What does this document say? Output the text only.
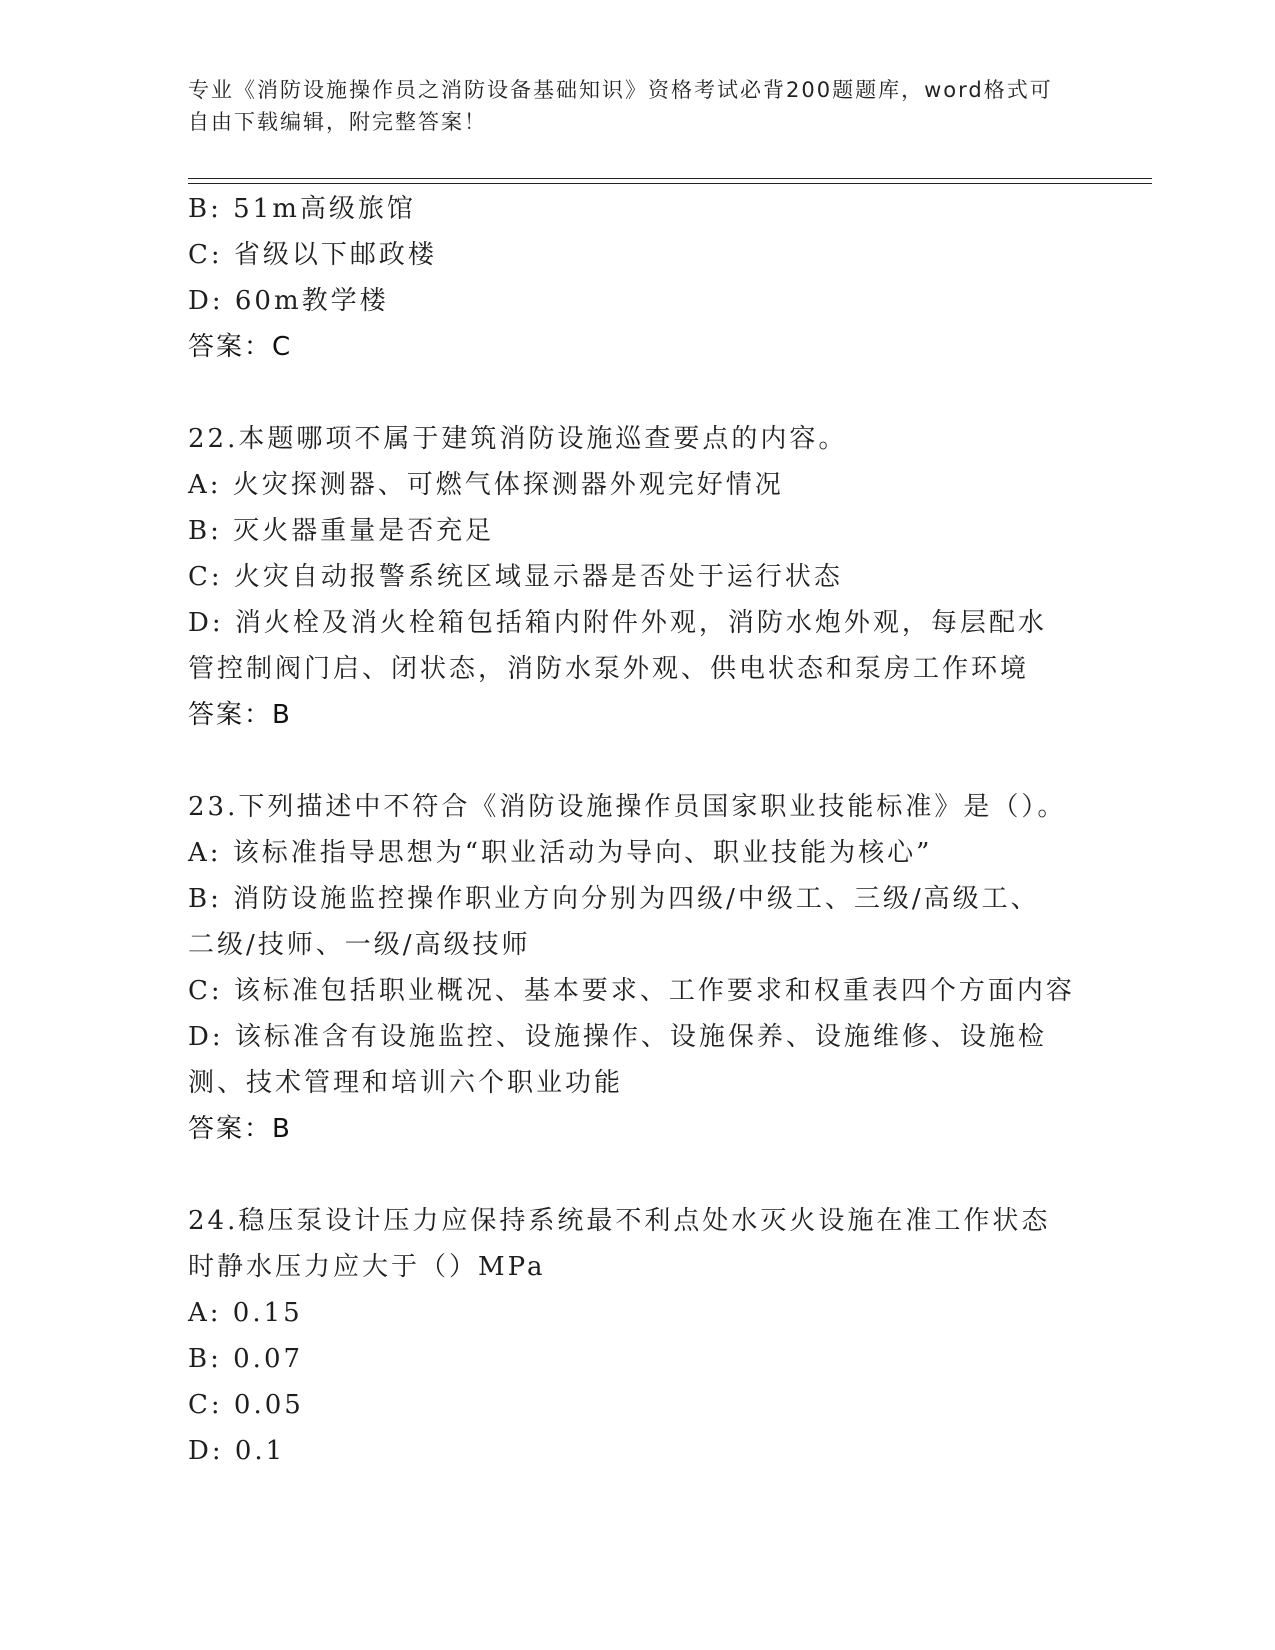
专业《消防设施操作员之消防设备基础知识》资格考试必背200题题库，word格式可自由下载编辑，附完整答案！
B: 51m高级旅馆
C: 省级以下邮政楼
D: 60m教学楼
答案：C
22.本题哪项不属于建筑消防设施巡查要点的内容。
A: 火灾探测器、可燃气体探测器外观完好情况
B: 灭火器重量是否充足
C: 火灾自动报警系统区域显示器是否处于运行状态
D: 消火栓及消火栓箱包括箱内附件外观，消防水炮外观，每层配水管控制阀门启、闭状态，消防水泵外观、供电状态和泵房工作环境
答案：B
23.下列描述中不符合《消防设施操作员国家职业技能标准》是（）。
A: 该标准指导思想为“职业活动为导向、职业技能为核心”
B: 消防设施监控操作职业方向分别为四级/中级工、三级/高级工、二级/技师、一级/高级技师
C: 该标准包括职业概况、基本要求、工作要求和权重表四个方面内容
D: 该标准含有设施监控、设施操作、设施保养、设施维修、设施检测、技术管理和培训六个职业功能
答案：B
24.稳压泵设计压力应保持系统最不利点处水灭火设施在准工作状态时静水压力应大于（）MPa
A: 0.15
B: 0.07
C: 0.05
D: 0.1
